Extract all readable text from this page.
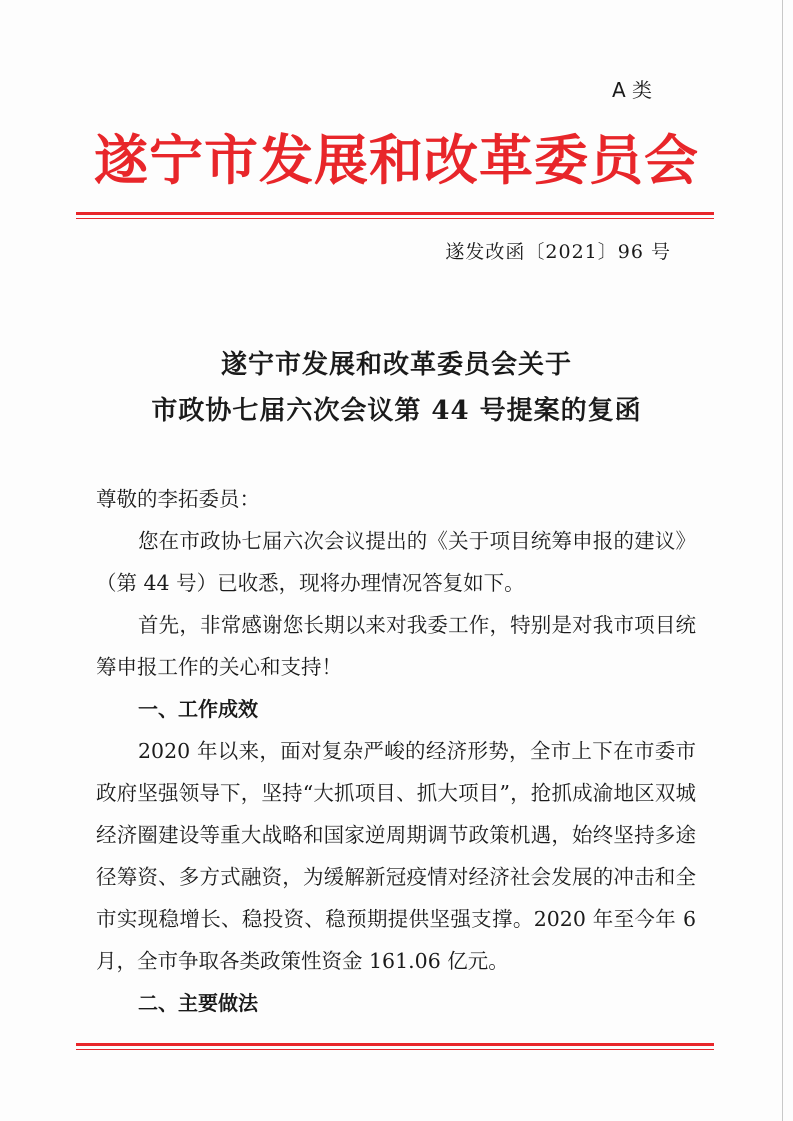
A 类
遂宁市发展和改革委员会
遂发改函〔2021〕96 号
遂宁市发展和改革委员会关于
市政协七届六次会议第 44 号提案的复函

尊敬的李拓委员：

您在市政协七届六次会议提出的《关于项目统筹申报的建议》（第 44 号）已收悉，现将办理情况答复如下。

首先，非常感谢您长期以来对我委工作，特别是对我市项目统筹申报工作的关心和支持！

一、工作成效

2020 年以来，面对复杂严峻的经济形势，全市上下在市委市政府坚强领导下，坚持“大抓项目、抓大项目”，抢抓成渝地区双城经济圈建设等重大战略和国家逆周期调节政策机遇，始终坚持多途径筹资、多方式融资，为缓解新冠疫情对经济社会发展的冲击和全市实现稳增长、稳投资、稳预期提供坚强支撑。2020 年至今年 6 月，全市争取各类政策性资金 161.06 亿元。

二、主要做法
